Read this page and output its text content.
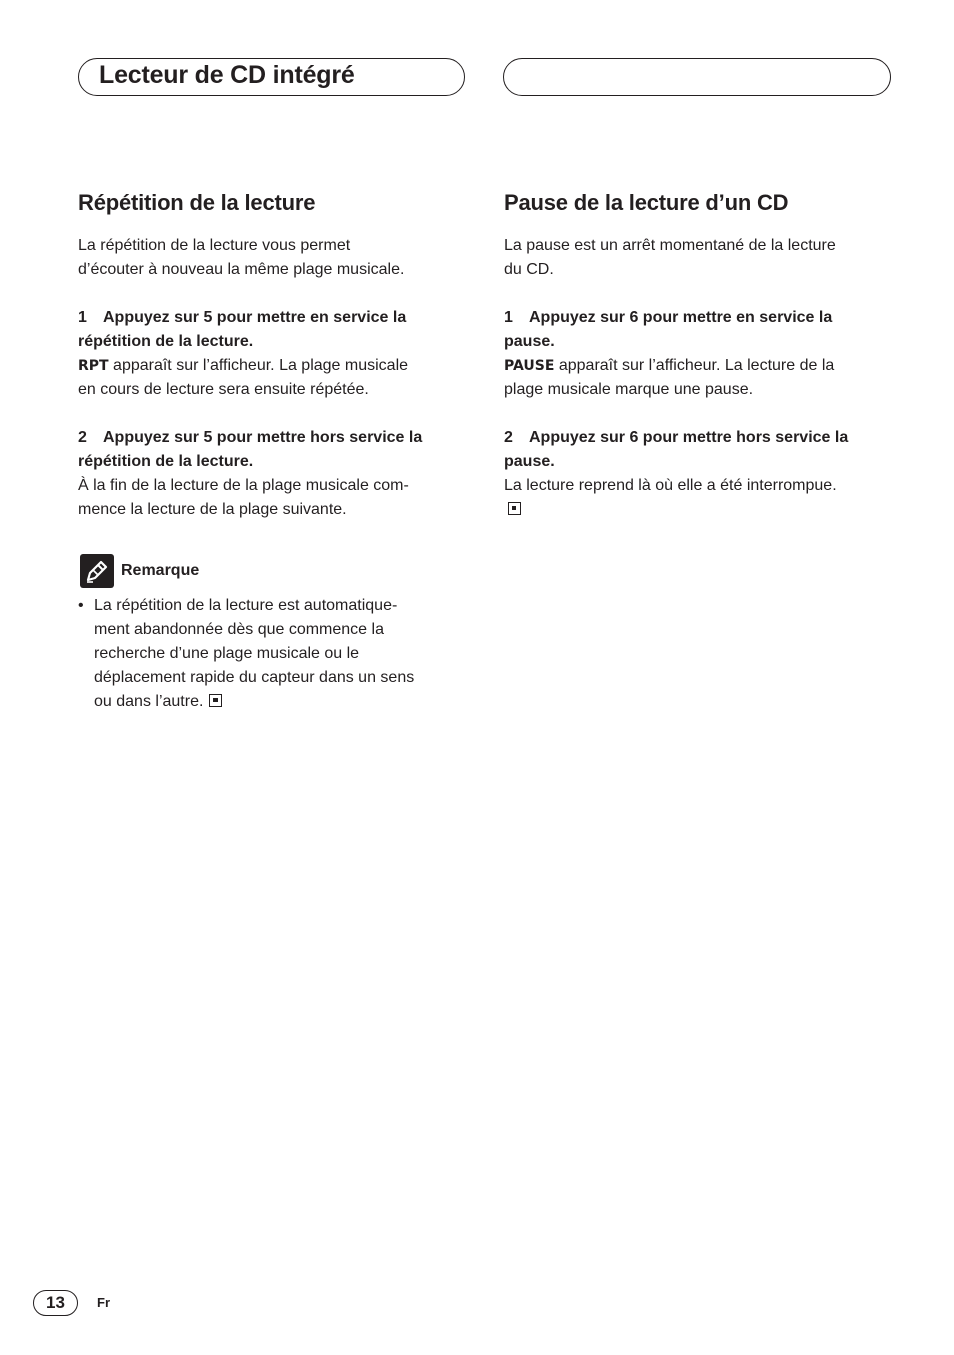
Lecteur de CD intégré
Répétition de la lecture

La répétition de la lecture vous permet
d’écouter à nouveau la même plage musicale.

1 Appuyez sur 5 pour mettre en service la
répétition de la lecture.

RPT apparaît sur l’afficheur. La plage musicale
en cours de lecture sera ensuite répétée.

2 Appuyez sur 5 pour mettre hors service la
répétition de la lecture.

À la fin de la lecture de la plage musicale com-
mence la lecture de la plage suivante.

Remarque
• La répétition de la lecture est automatique-
ment abandonnée dès que commence la
recherche d’une plage musicale ou le
déplacement rapide du capteur dans un sens
ou dans l’autre.
Pause de la lecture d’un CD

La pause est un arrêt momentané de la lecture
du CD.

1 Appuyez sur 6 pour mettre en service la
pause.

PAUSE apparaît sur l’afficheur. La lecture de la
plage musicale marque une pause.

2 Appuyez sur 6 pour mettre hors service la
pause.

La lecture reprend là où elle a été interrompue.

13	Fr
